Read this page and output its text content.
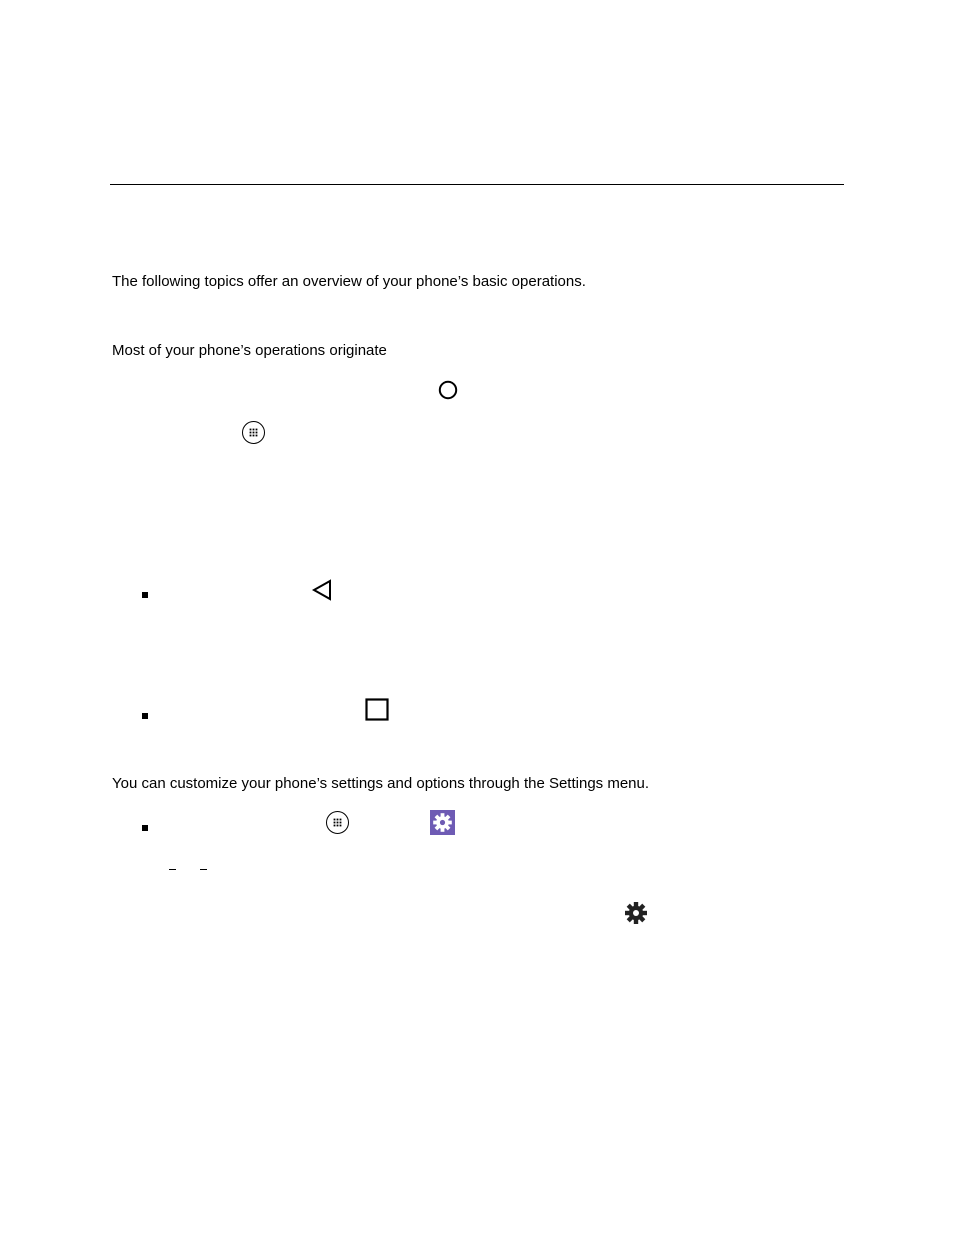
The following topics offer an overview of your phone’s basic operations.
Most of your phone’s operations originate
You can customize your phone’s settings and options through the Settings menu.
